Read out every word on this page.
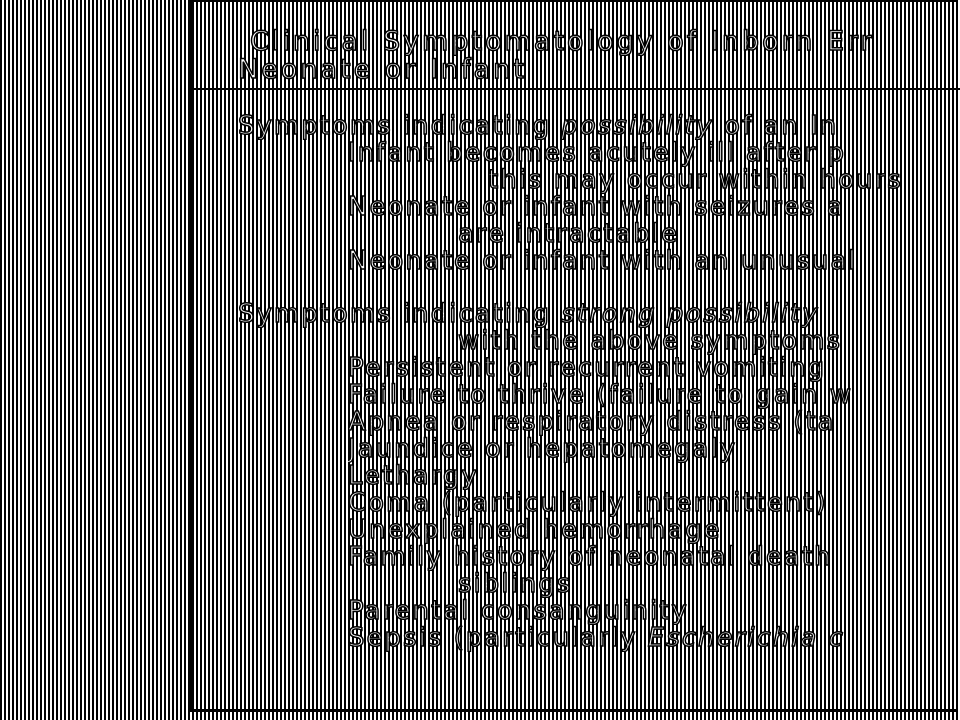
Clinical Symptomatology of Inborn Err
Neonate or Infant
Symptoms indicating possibility of an In
Infant becomes acutely ill after p
this may occur within hours
Neonate or infant with seizures a
are intractable
Neonate or infant with an unusual
Symptoms indicating strong possibility
with the above symptoms
Persistent or recurrent vomiting
Failure to thrive (failure to gain w
Apnea or respiratory distress (ta
Jaundice or hepatomegaly
Lethargy
Coma (particularly intermittent)
Unexplained hemorrhage
Family history of neonatal death
siblings
Parental consanguinity
Sepsis (particularly Escherichia c
